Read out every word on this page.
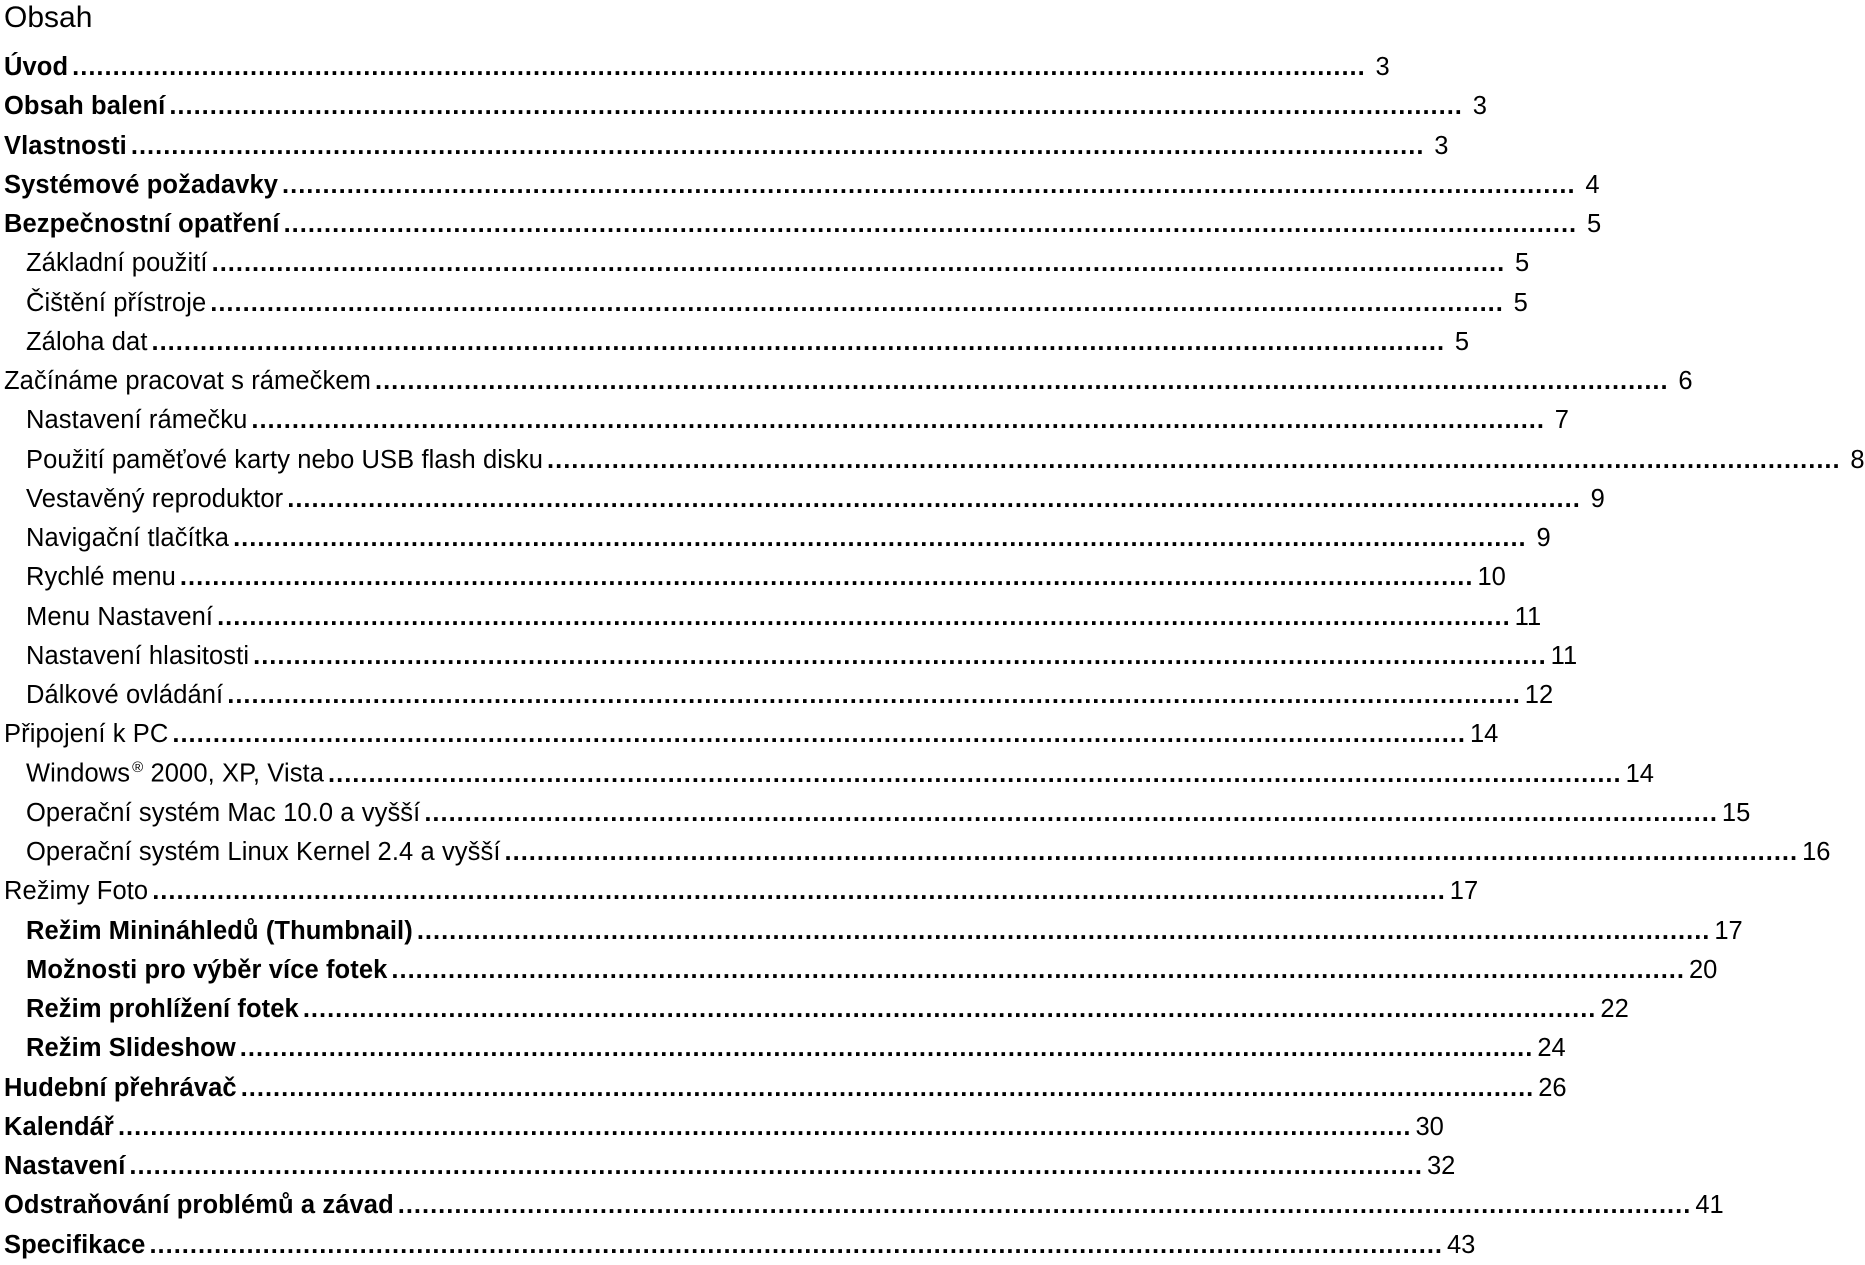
Obsah
Úvod ................................................................................................................................................................ 3
Obsah balení ................................................................................................................................................................ 3
Vlastnosti ................................................................................................................................................................ 3
Systémové požadavky ................................................................................................................................................................ 4
Bezpečnostní opatření ................................................................................................................................................................ 5
Základní použití ................................................................................................................................................................ 5
Čištění přístroje ................................................................................................................................................................ 5
Záloha dat ................................................................................................................................................................ 5
Začínáme pracovat s rámečkem ................................................................................................................................................................ 6
Nastavení rámečku ................................................................................................................................................................ 7
Použití paměťové karty nebo USB flash disku ................................................................................................................................................................ 8
Vestavěný reproduktor ................................................................................................................................................................ 9
Navigační tlačítka ................................................................................................................................................................ 9
Rychlé menu ................................................................................................................................................................ 10
Menu Nastavení ................................................................................................................................................................ 11
Nastavení hlasitosti ................................................................................................................................................................ 11
Dálkové ovládání ................................................................................................................................................................ 12
Připojení k PC ................................................................................................................................................................ 14
Windows ® 2000, XP, Vista ................................................................................................................................................................ 14
Operační systém Mac 10.0 a vyšší ................................................................................................................................................................ 15
Operační systém Linux Kernel 2.4 a vyšší ................................................................................................................................................................ 16
Režimy Foto ................................................................................................................................................................ 17
Režim Minináhledů (Thumbnail) ................................................................................................................................................................ 17
Možnosti pro výběr více fotek ................................................................................................................................................................ 20
Režim prohlížení fotek ................................................................................................................................................................ 22
Režim Slideshow ................................................................................................................................................................ 24
Hudební přehrávač ................................................................................................................................................................ 26
Kalendář ................................................................................................................................................................ 30
Nastavení ................................................................................................................................................................ 32
Odstraňování problémů a závad ................................................................................................................................................................ 41
Specifikace ................................................................................................................................................................ 43
